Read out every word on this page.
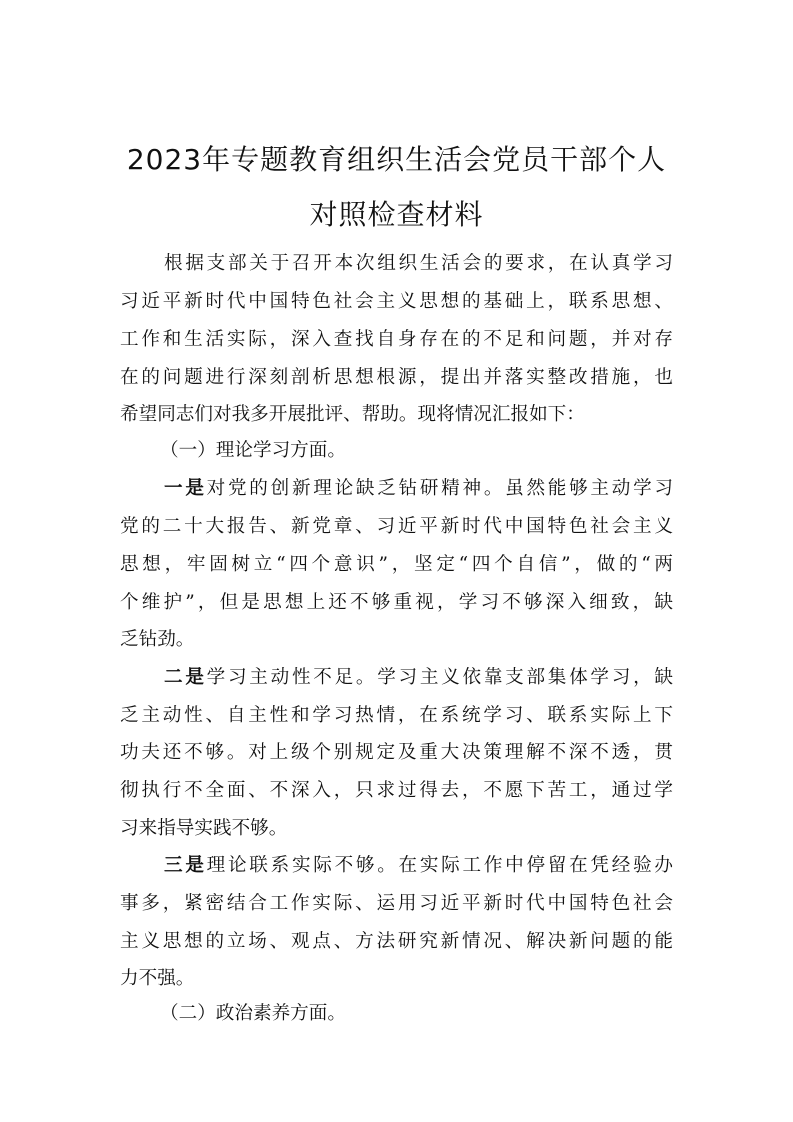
2023年专题教育组织生活会党员干部个人
对照检查材料
根据支部关于召开本次组织生活会的要求，在认真学习
习近平新时代中国特色社会主义思想的基础上，联系思想、
工作和生活实际，深入查找自身存在的不足和问题，并对存
在的问题进行深刻剖析思想根源，提出并落实整改措施，也
希望同志们对我多开展批评、帮助。现将情况汇报如下：
（一）理论学习方面。
一是对党的创新理论缺乏钻研精神。虽然能够主动学习
党的二十大报告、新党章、习近平新时代中国特色社会主义
思想，牢固树立“四个意识”，坚定“四个自信”，做的“两
个维护”，但是思想上还不够重视，学习不够深入细致，缺
乏钻劲。
二是学习主动性不足。学习主义依靠支部集体学习，缺
乏主动性、自主性和学习热情，在系统学习、联系实际上下
功夫还不够。对上级个别规定及重大决策理解不深不透，贯
彻执行不全面、不深入，只求过得去，不愿下苦工，通过学
习来指导实践不够。
三是理论联系实际不够。在实际工作中停留在凭经验办
事多，紧密结合工作实际、运用习近平新时代中国特色社会
主义思想的立场、观点、方法研究新情况、解决新问题的能
力不强。
（二）政治素养方面。
